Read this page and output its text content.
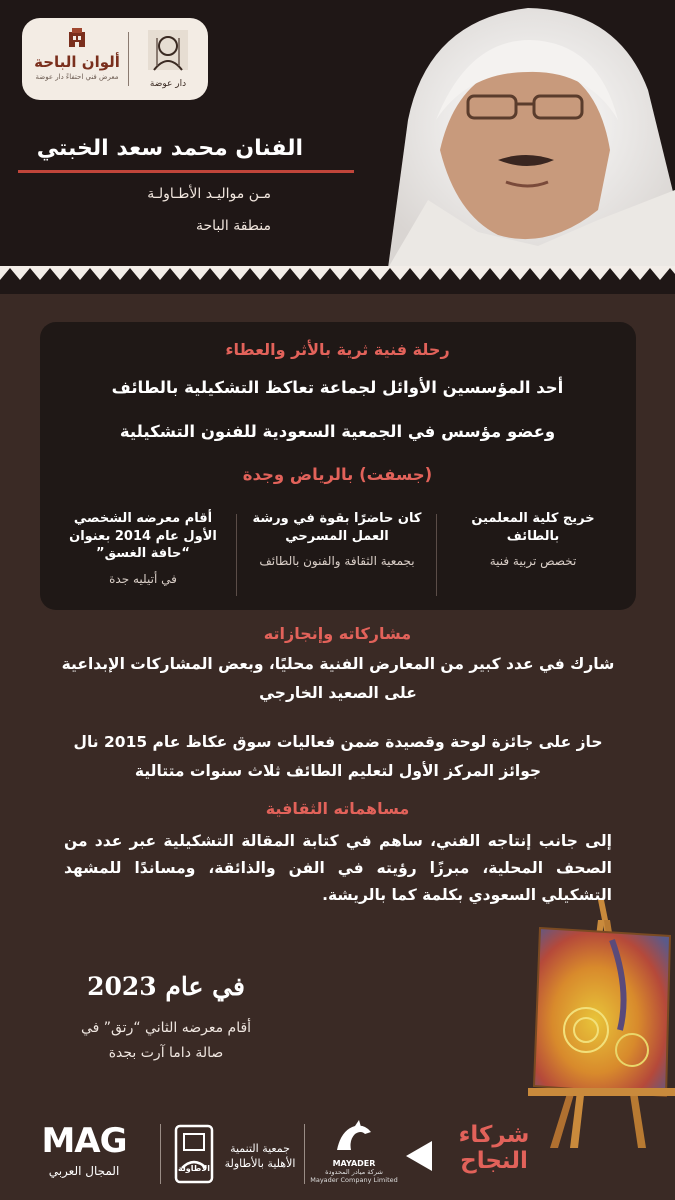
ألوان الباحة
معرض فني احتفاءً دار عوضة
دار عوضة
الفنان محمد سعد الخبتي
مـن مواليـد الأطـاولـة
منطقة الباحة
رحلة فنية ثرية بالأثر والعطاء
أحد المؤسسين الأوائل لجماعة تعاكظ التشكيلية بالطائف
وعضو مؤسس في الجمعية السعودية للفنون التشكيلية
(جسفت) بالرياض وجدة
خريج كلية المعلمين بالطائف
تخصص تربية فنية
كان حاضرًا بقوة في ورشة العمل المسرحي
بجمعية الثقافة والفنون بالطائف
أقام معرضه الشخصي الأول عام 2014 بعنوان “حافة الغسق”
في أتيليه جدة
مشاركاته وإنجازاته
شارك في عدد كبير من المعارض الفنية محليًا، وبعض المشاركات الإبداعية على الصعيد الخارجي
حاز على جائزة لوحة وقصيدة ضمن فعاليات سوق عكاظ عام 2015 نال جوائز المركز الأول لتعليم الطائف ثلاث سنوات متتالية
مساهماته الثقافية
إلى جانب إنتاجه الفني، ساهم في كتابة المقالة التشكيلية عبر عدد من الصحف المحلية، مبرزًا رؤيته في الفن والذائقة، ومساندًا للمشهد التشكيلي السعودي بكلمة كما بالريشة.
في عام 2023
أقام معرضه الثاني “رتق” في
صالة داما آرت بجدة
شركاء
النجاح
MAYADER
شركة ميادر المحدودة
Mayader Company Limited
الأطاولة
جمعية التنمية
الأهلية بالأطاولة
MAG
المجال العربي
